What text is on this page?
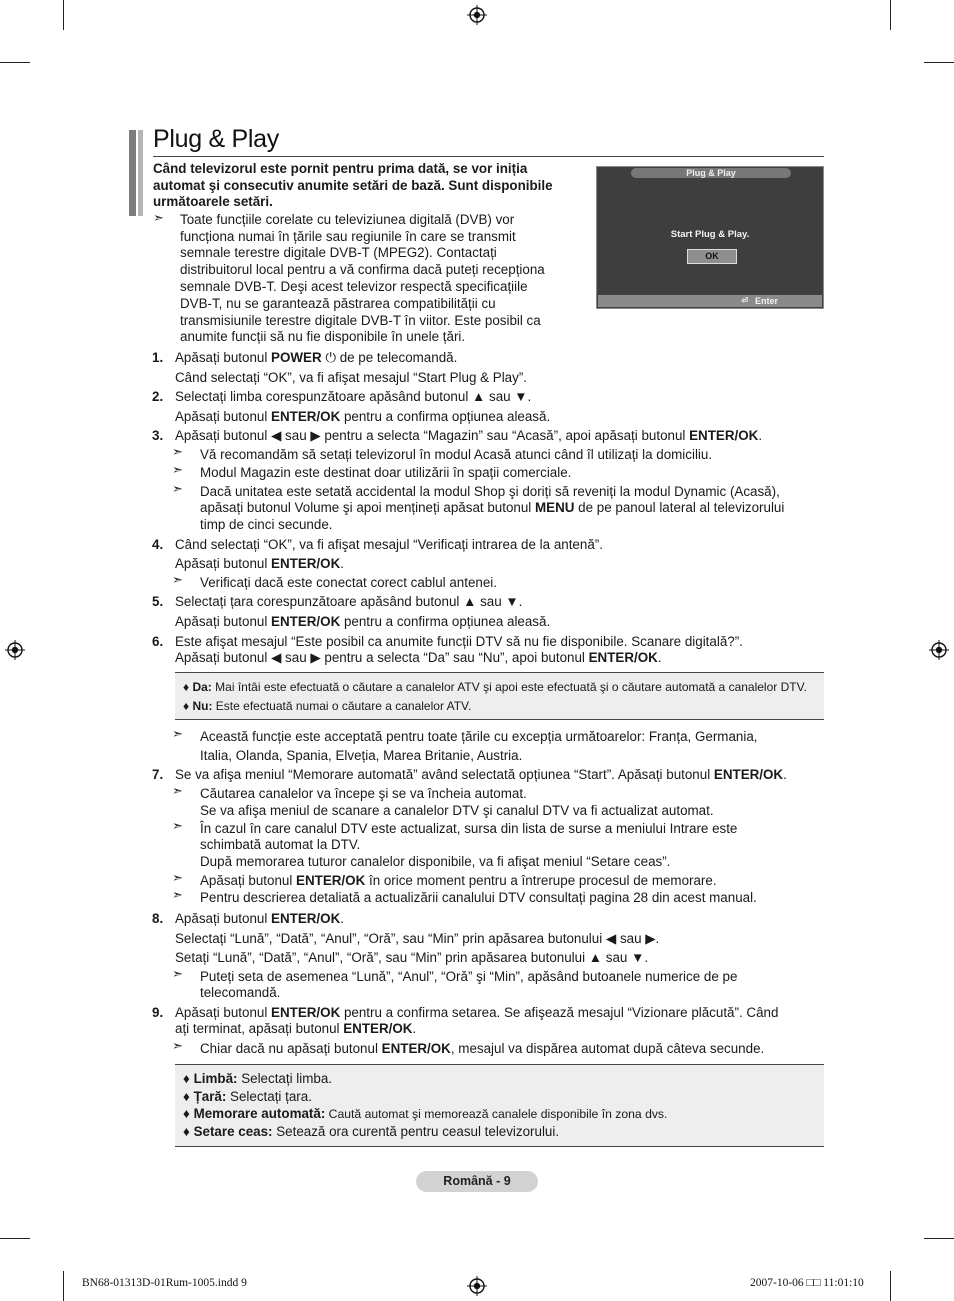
Plug & Play
Când televizorul este pornit pentru prima dată, se vor iniția automat şi consecutiv anumite setări de bază. Sunt disponibile următoarele setări.
➣ Toate funcțiile corelate cu televiziunea digitală (DVB) vor
funcționa numai în țările sau regiunile în care se transmit
semnale terestre digitale DVB-T (MPEG2). Contactați
distribuitorul local pentru a vă confirma dacă puteți recepționa
semnale DVB-T. Deşi acest televizor respectă specificațiile
DVB-T, nu se garantează păstrarea compatibilității cu
transmisiunile terestre digitale DVB-T în viitor. Este posibil ca
anumite funcții să nu fie disponibile în unele țări.
Plug & Play
Start Plug & Play.
OK
⏎ Enter
1. Apăsați butonul POWER ⏻ de pe telecomandă.
Când selectați “OK”, va fi afişat mesajul “Start Plug & Play”.
2. Selectați limba corespunzătoare apăsând butonul ▲ sau ▼.
Apăsați butonul ENTER/OK pentru a confirma opțiunea aleasă.
3. Apăsați butonul ◀ sau ▶ pentru a selecta “Magazin” sau “Acasă”, apoi apăsați butonul ENTER/OK.
➣ Vă recomandăm să setați televizorul în modul Acasă atunci când îl utilizați la domiciliu.
➣ Modul Magazin este destinat doar utilizării în spații comerciale.
➣ Dacă unitatea este setată accidental la modul Shop şi doriți să reveniți la modul Dynamic (Acasă),
apăsați butonul Volume şi apoi mențineți apăsat butonul MENU de pe panoul lateral al televizorului
timp de cinci secunde.
4. Când selectați “OK”, va fi afişat mesajul “Verificați intrarea de la antenă”.
Apăsați butonul ENTER/OK.
➣ Verificați dacă este conectat corect cablul antenei.
5. Selectați țara corespunzătoare apăsând butonul ▲ sau ▼.
Apăsați butonul ENTER/OK pentru a confirma opțiunea aleasă.
6. Este afişat mesajul “Este posibil ca anumite funcții DTV să nu fie disponibile. Scanare digitală?”.
Apăsați butonul ◀ sau ▶ pentru a selecta “Da” sau “Nu”, apoi butonul ENTER/OK.
♦ Da: Mai întâi este efectuată o căutare a canalelor ATV şi apoi este efectuată şi o căutare automată a canalelor DTV.
♦ Nu: Este efectuată numai o căutare a canalelor ATV.
➣ Această funcție este acceptată pentru toate țările cu excepția următoarelor: Franța, Germania,
Italia, Olanda, Spania, Elveția, Marea Britanie, Austria.
7. Se va afişa meniul “Memorare automată” având selectată opțiunea “Start”. Apăsați butonul ENTER/OK.
➣ Căutarea canalelor va începe şi se va încheia automat.
Se va afişa meniul de scanare a canalelor DTV şi canalul DTV va fi actualizat automat.
➣ În cazul în care canalul DTV este actualizat, sursa din lista de surse a meniului Intrare este
schimbată automat la DTV.
După memorarea tuturor canalelor disponibile, va fi afişat meniul “Setare ceas”.
➣ Apăsați butonul ENTER/OK în orice moment pentru a întrerupe procesul de memorare.
➣ Pentru descrierea detaliată a actualizării canalului DTV consultați pagina 28 din acest manual.
8. Apăsați butonul ENTER/OK.
Selectați “Lună”, “Dată”, “Anul”, “Oră”, sau “Min” prin apăsarea butonului ◀ sau ▶.
Setați “Lună”, “Dată”, “Anul”, “Oră”, sau “Min” prin apăsarea butonului ▲ sau ▼.
➣ Puteți seta de asemenea “Lună”, “Anul”, “Oră” şi “Min”, apăsând butoanele numerice de pe
telecomandă.
9. Apăsați butonul ENTER/OK pentru a confirma setarea. Se afişează mesajul “Vizionare plăcută”. Când
ați terminat, apăsați butonul ENTER/OK.
➣ Chiar dacă nu apăsați butonul ENTER/OK, mesajul va dispărea automat după câteva secunde.
♦ Limbă: Selectați limba.
♦ Țară: Selectați țara.
♦ Memorare automată: Caută automat şi memorează canalele disponibile în zona dvs.
♦ Setare ceas: Setează ora curentă pentru ceasul televizorului.
Română - 9
BN68-01313D-01Rum-1005.indd 9	2007-10-06 □□ 11:01:10
